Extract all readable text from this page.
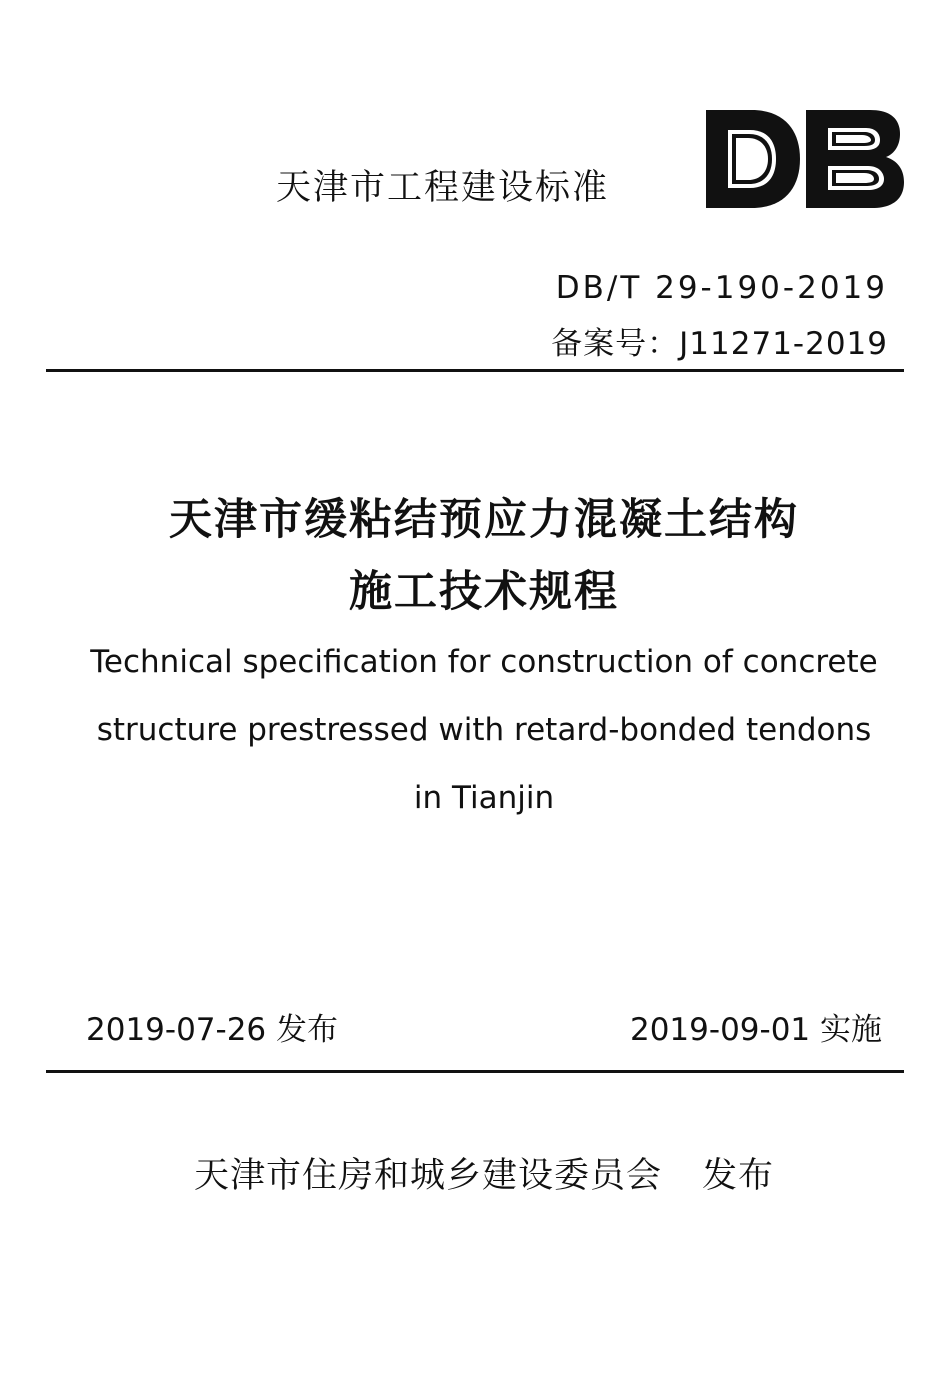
天津市工程建设标准
DB/T 29-190-2019
备案号：J11271-2019
天津市缓粘结预应力混凝土结构
施工技术规程
Technical specification for construction of concrete
structure prestressed with retard-bonded tendons
in Tianjin
2019-07-26 发布	2019-09-01 实施
天津市住房和城乡建设委员会 发布
